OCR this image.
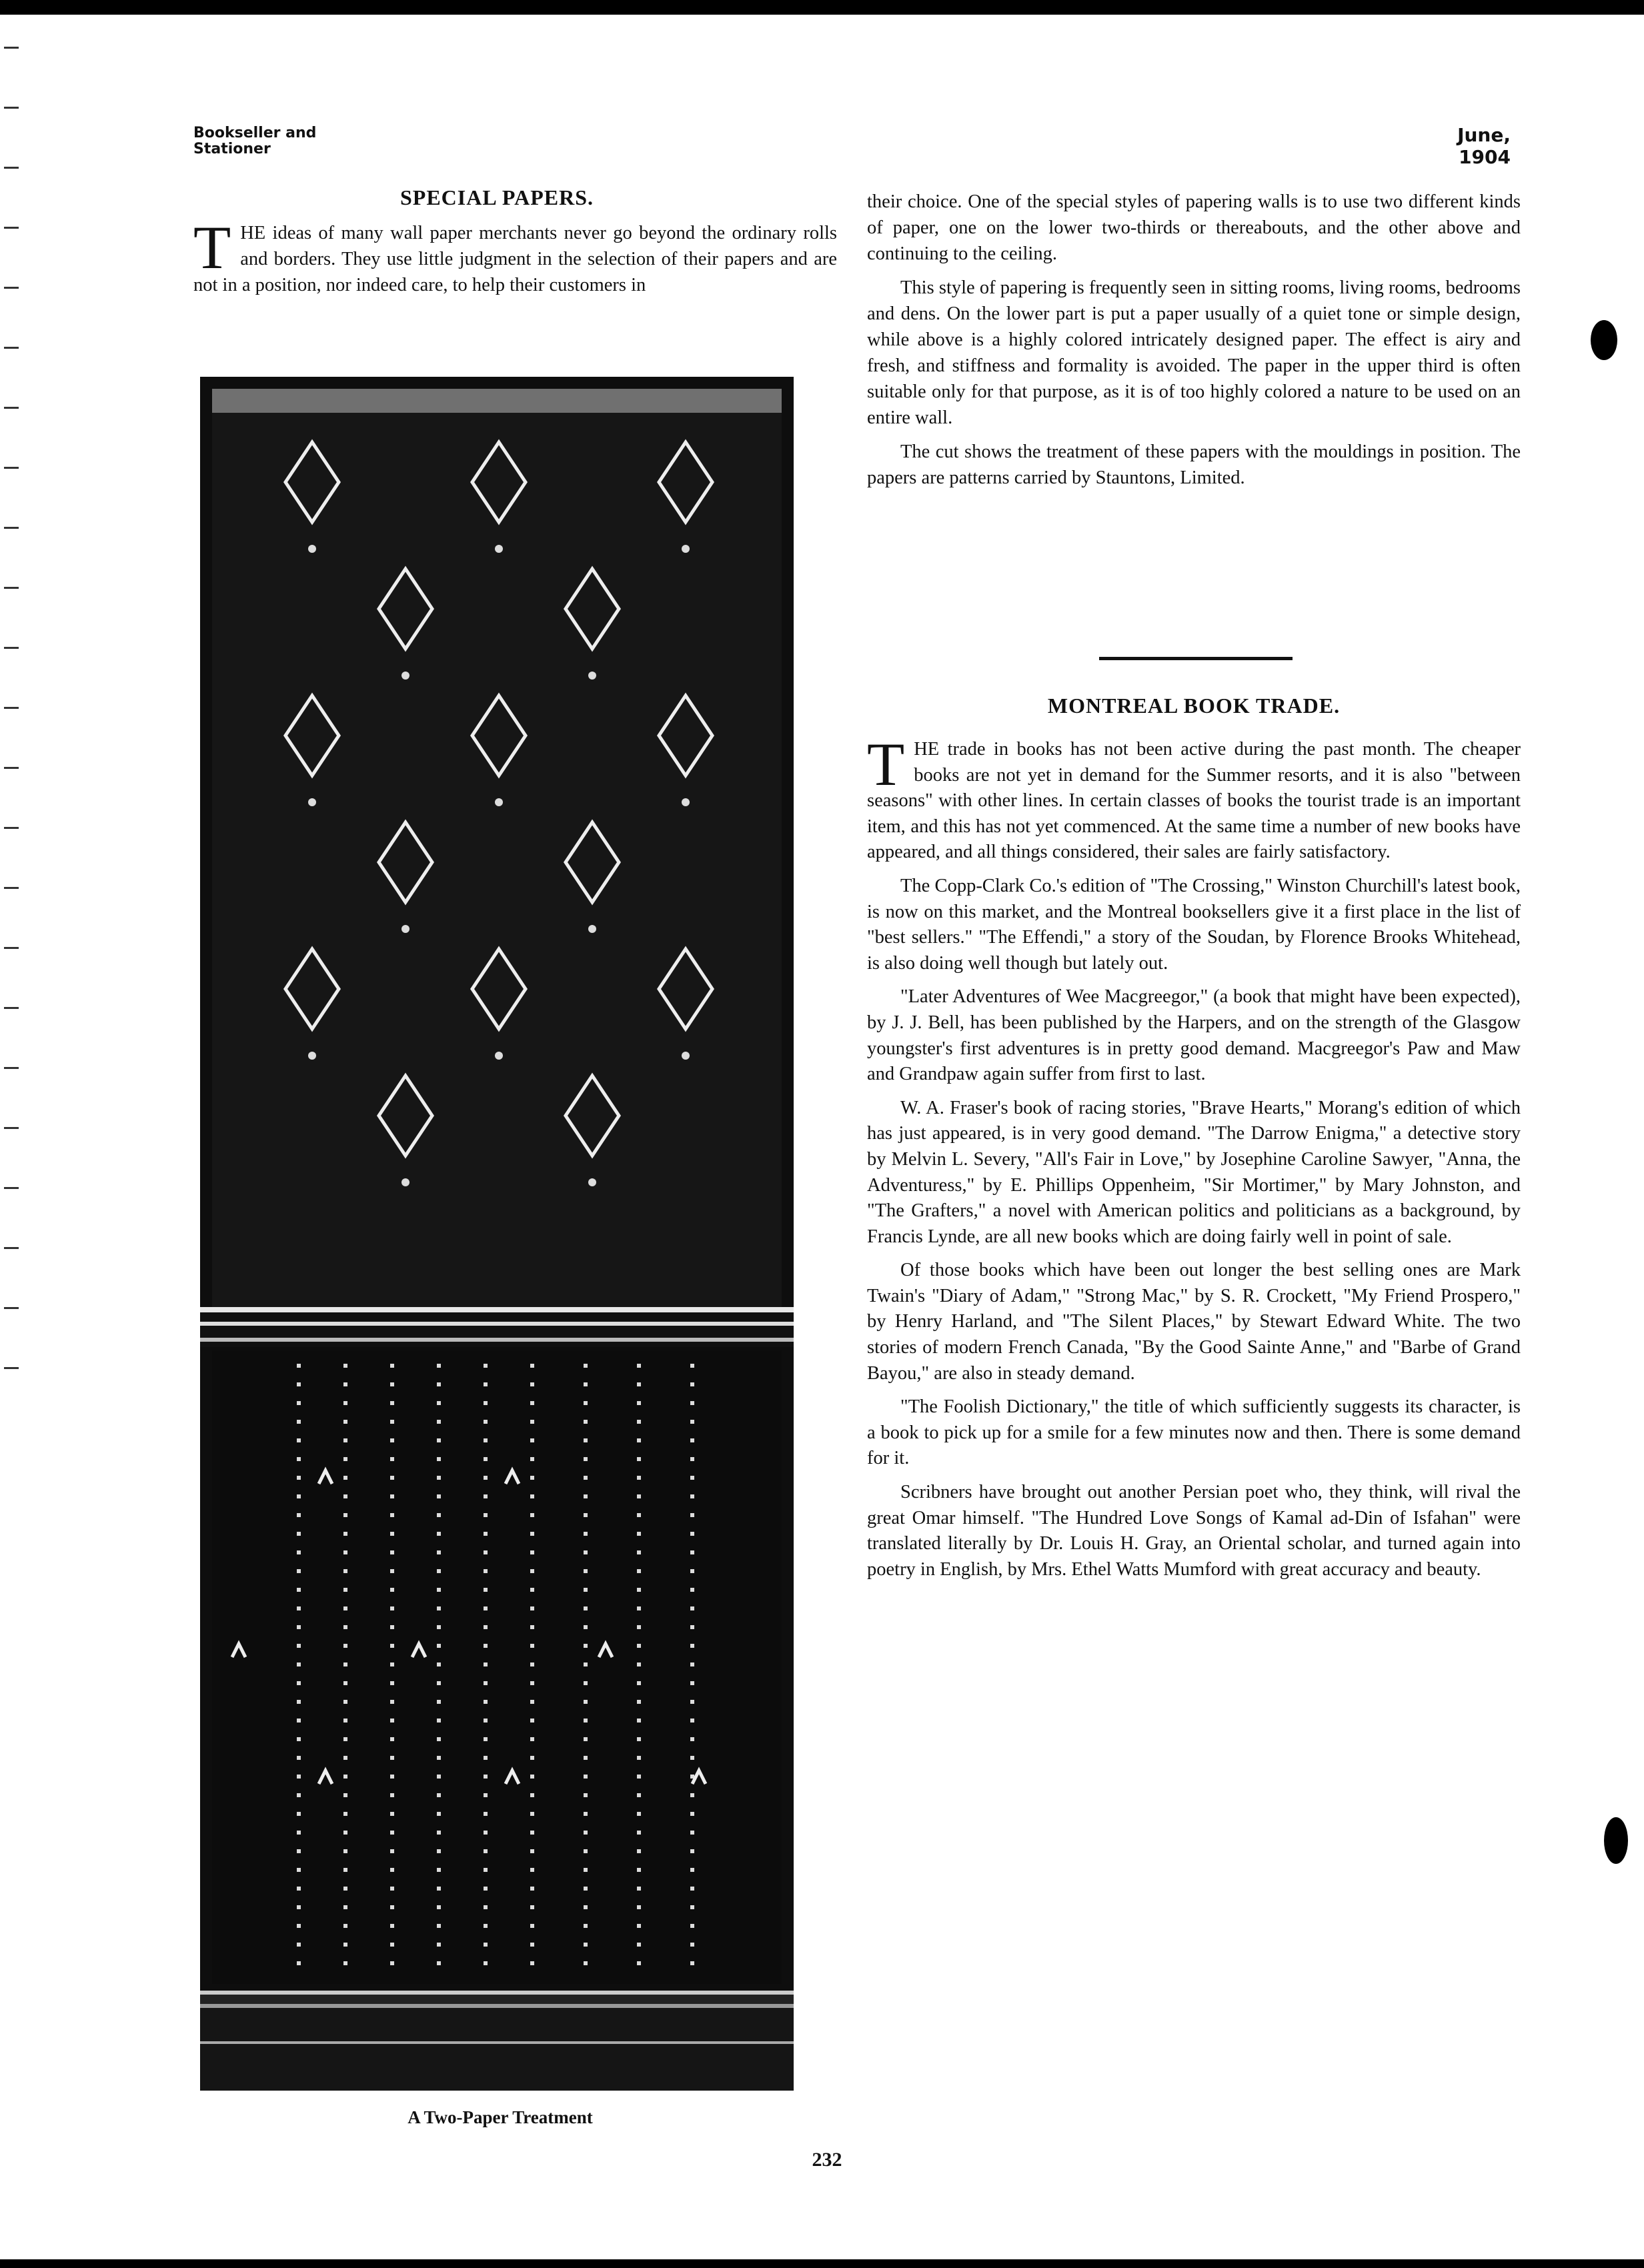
Bookseller and
Stationer
June, 1904
SPECIAL PAPERS.

THE ideas of many wall paper merchants never go beyond the ordinary rolls and borders. They use little judgment in the selection of their papers and are not in a position, nor indeed care, to help their customers in

A Two-Paper Treatment

their choice. One of the special styles of papering walls is to use two different kinds of paper, one on the lower two-thirds or thereabouts, and the other above and continuing to the ceiling.

This style of papering is frequently seen in sitting rooms, living rooms, bedrooms and dens. On the lower part is put a paper usually of a quiet tone or simple design, while above is a highly colored intricately designed paper. The effect is airy and fresh, and stiffness and formality is avoided. The paper in the upper third is often suitable only for that purpose, as it is of too highly colored a nature to be used on an entire wall.

The cut shows the treatment of these papers with the mouldings in position. The papers are patterns carried by Stauntons, Limited.

MONTREAL BOOK TRADE.

THE trade in books has not been active during the past month. The cheaper books are not yet in demand for the Summer resorts, and it is also "between seasons" with other lines. In certain classes of books the tourist trade is an important item, and this has not yet commenced. At the same time a number of new books have appeared, and all things considered, their sales are fairly satisfactory.

The Copp-Clark Co.'s edition of "The Crossing," Winston Churchill's latest book, is now on this market, and the Montreal booksellers give it a first place in the list of "best sellers." "The Effendi," a story of the Soudan, by Florence Brooks Whitehead, is also doing well though but lately out.

"Later Adventures of Wee Macgreegor," (a book that might have been expected), by J. J. Bell, has been published by the Harpers, and on the strength of the Glasgow youngster's first adventures is in pretty good demand. Macgreegor's Paw and Maw and Grandpaw again suffer from first to last.

W. A. Fraser's book of racing stories, "Brave Hearts," Morang's edition of which has just appeared, is in very good demand. "The Darrow Enigma," a detective story by Melvin L. Severy, "All's Fair in Love," by Josephine Caroline Sawyer, "Anna, the Adventuress," by E. Phillips Oppenheim, "Sir Mortimer," by Mary Johnston, and "The Grafters," a novel with American politics and politicians as a background, by Francis Lynde, are all new books which are doing fairly well in point of sale.

Of those books which have been out longer the best selling ones are Mark Twain's "Diary of Adam," "Strong Mac," by S. R. Crockett, "My Friend Prospero," by Henry Harland, and "The Silent Places," by Stewart Edward White. The two stories of modern French Canada, "By the Good Sainte Anne," and "Barbe of Grand Bayou," are also in steady demand.

"The Foolish Dictionary," the title of which sufficiently suggests its character, is a book to pick up for a smile for a few minutes now and then. There is some demand for it.

Scribners have brought out another Persian poet who, they think, will rival the great Omar himself. "The Hundred Love Songs of Kamal ad-Din of Isfahan" were translated literally by Dr. Louis H. Gray, an Oriental scholar, and turned again into poetry in English, by Mrs. Ethel Watts Mumford with great accuracy and beauty.

232
